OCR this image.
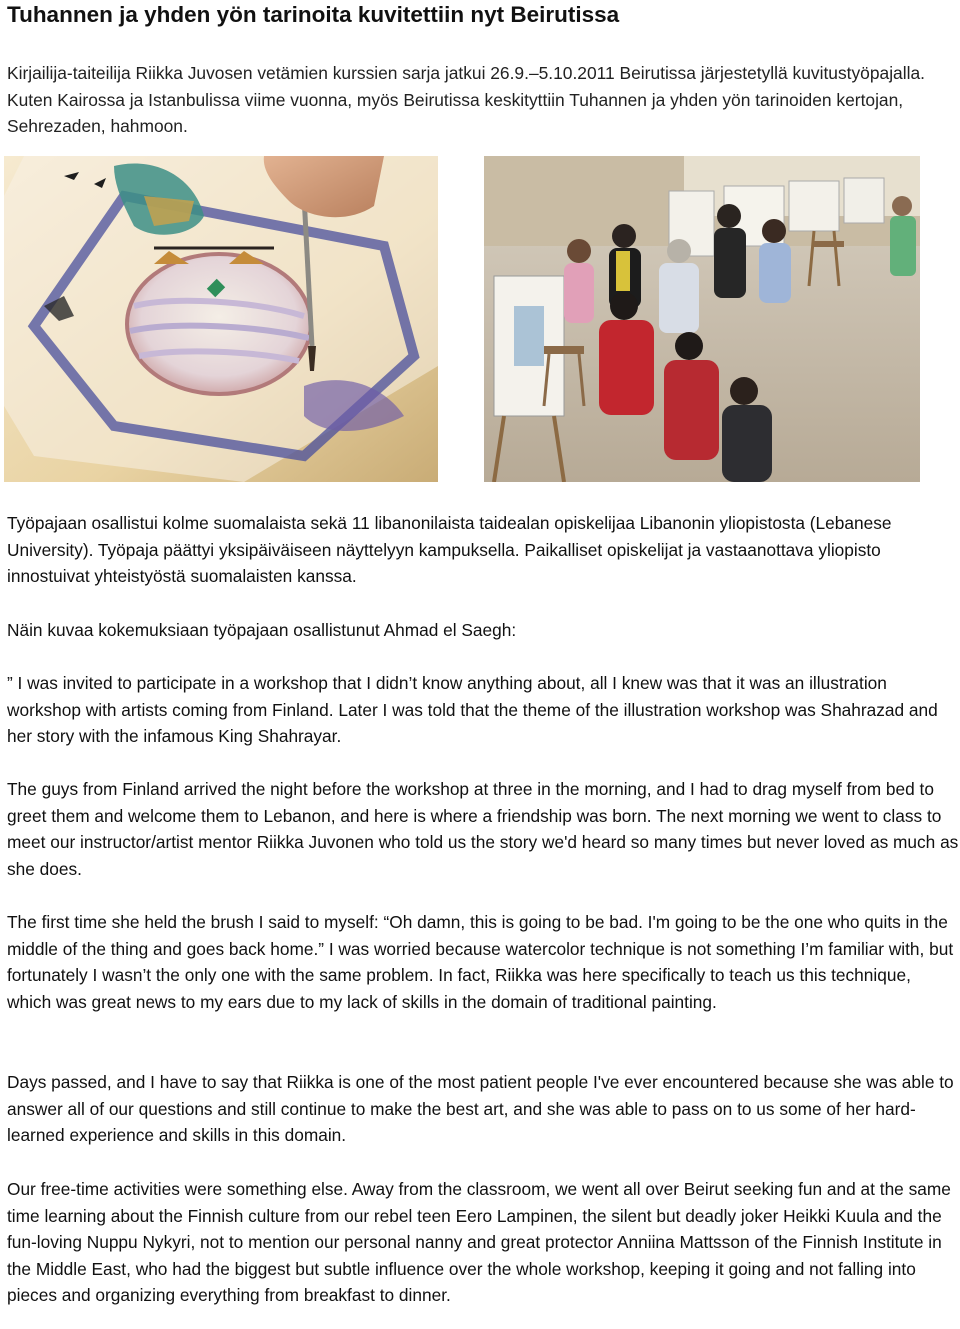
Tuhannen ja yhden yön tarinoita kuvitettiin nyt Beirutissa

Kirjailija-taiteilija Riikka Juvosen vetämien kurssien sarja jatkui 26.9.–5.10.2011 Beirutissa järjestetyllä kuvitustyöpajalla. Kuten Kairossa ja Istanbulissa viime vuonna, myös Beirutissa keskityttiin Tuhannen ja yhden yön tarinoiden kertojan, Sehrezaden, hahmoon.

Työpajaan osallistui kolme suomalaista sekä 11 libanonilaista taidealan opiskelijaa Libanonin yliopistosta (Lebanese University). Työpaja päättyi yksipäiväiseen näyttelyyn kampuksella. Paikalliset opiskelijat ja vastaanottava yliopisto innostuivat yhteistyöstä suomalaisten kanssa.

Näin kuvaa kokemuksiaan työpajaan osallistunut Ahmad el Saegh:

” I was invited to participate in a workshop that I didn’t know anything about, all I knew was that it was an illustration workshop with artists coming from Finland. Later I was told that the theme of the illustration workshop was Shahrazad and her story with the infamous King Shahrayar.

The guys from Finland arrived the night before the workshop at three in the morning, and I had to drag myself from bed to greet them and welcome them to Lebanon, and here is where a friendship was born. The next morning we went to class to meet our instructor/artist mentor Riikka Juvonen who told us the story we'd heard so many times but never loved as much as she does.

The first time she held the brush I said to myself: “Oh damn, this is going to be bad. I'm going to be the one who quits in the middle of the thing and goes back home.” I was worried because watercolor technique is not something I’m familiar with, but fortunately I wasn’t the only one with the same problem. In fact, Riikka was here specifically to teach us this technique, which was great news to my ears due to my lack of skills in the domain of traditional painting.

Days passed, and I have to say that Riikka is one of the most patient people I've ever encountered because she was able to answer all of our questions and still continue to make the best art, and she was able to pass on to us some of her hard-learned experience and skills in this domain.

Our free-time activities were something else. Away from the classroom, we went all over Beirut seeking fun and at the same time learning about the Finnish culture from our rebel teen Eero Lampinen, the silent but deadly joker Heikki Kuula and the fun-loving Nuppu Nykyri, not to mention our personal nanny and great protector Anniina Mattsson of the Finnish Institute in the Middle East, who had the biggest but subtle influence over the whole workshop, keeping it going and not falling into pieces and organizing everything from breakfast to dinner.
